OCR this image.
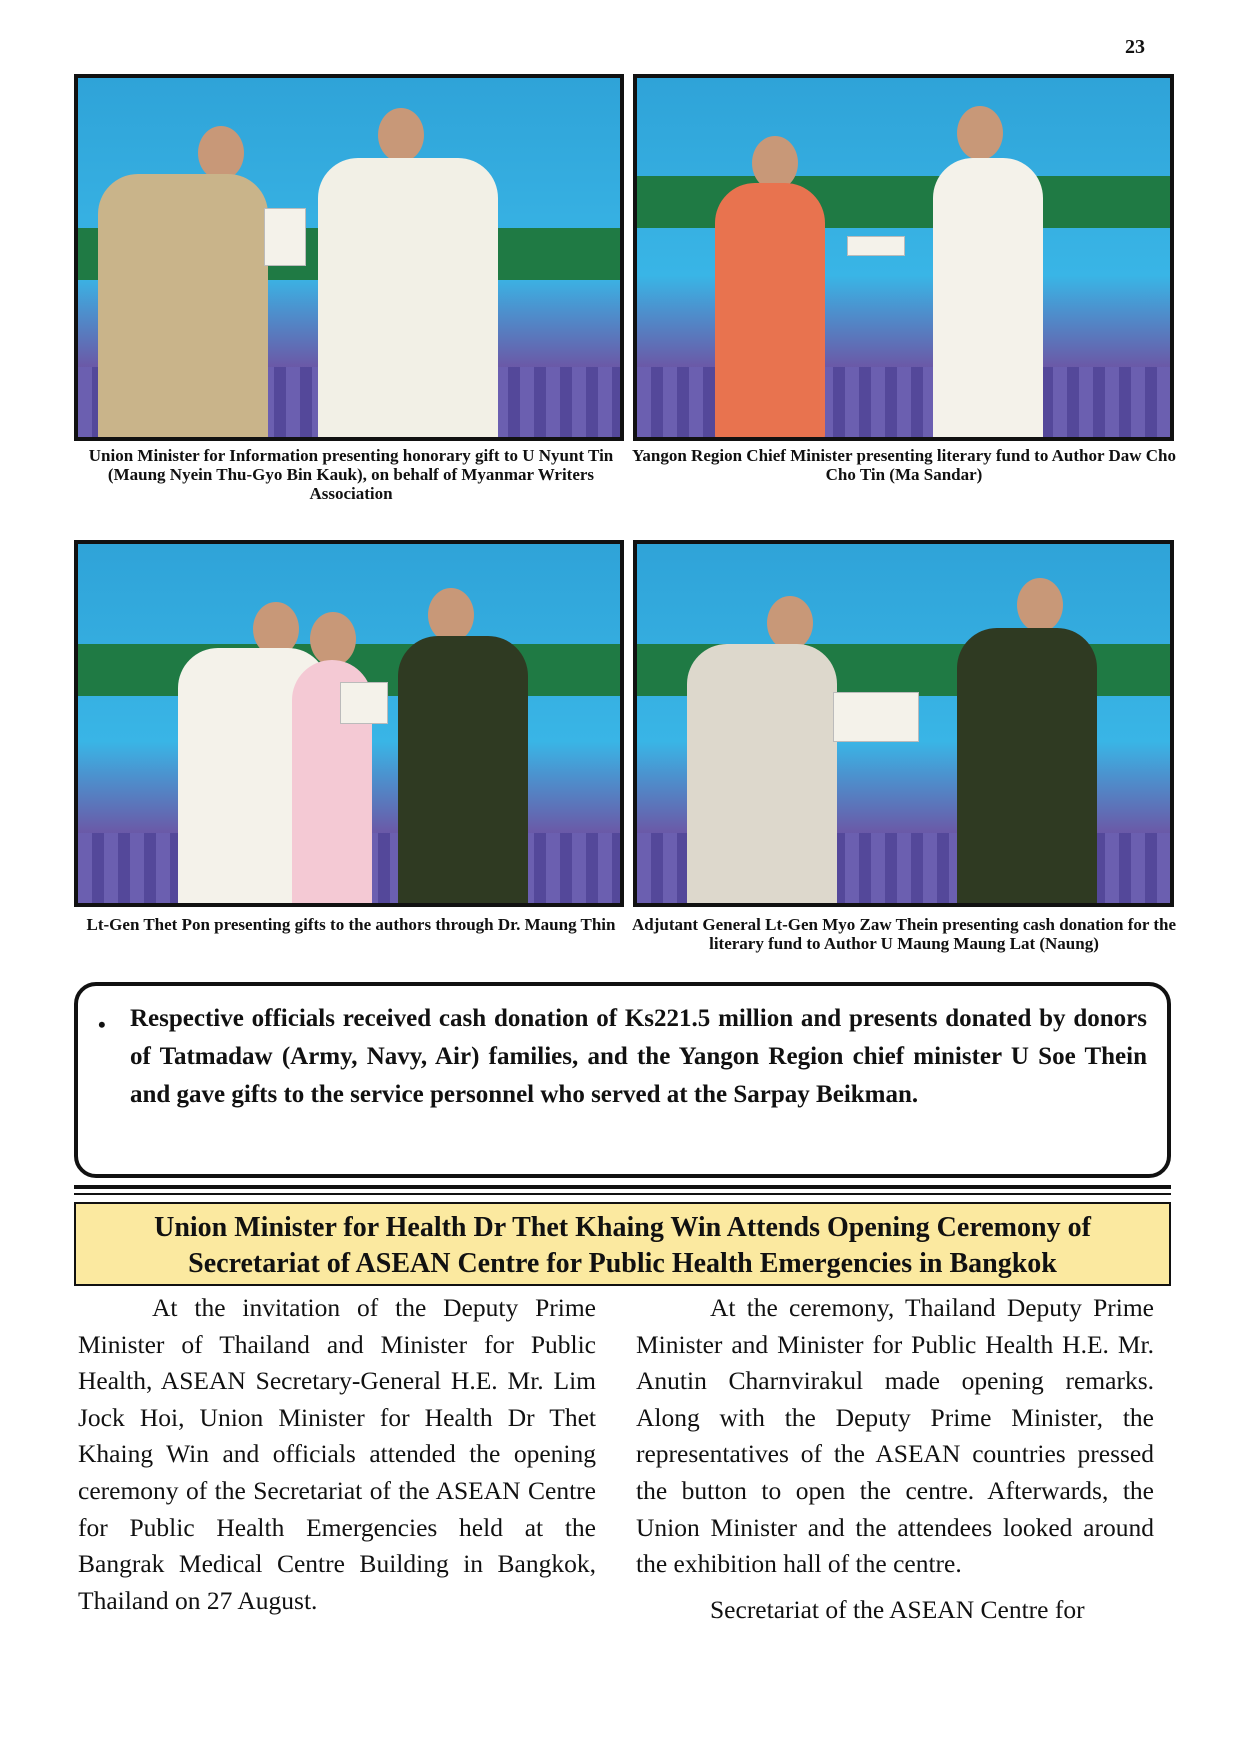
23
Union Minister for Information presenting honorary gift to U Nyunt Tin (Maung Nyein Thu-Gyo Bin Kauk), on behalf of Myanmar Writers Association
Yangon Region Chief Minister presenting literary fund to Author Daw Cho Cho Tin (Ma Sandar)
Lt-Gen Thet Pon presenting gifts to the authors through Dr. Maung Thin Adjutant General Lt-Gen Myo Zaw Thein presenting cash donation for the literary fund to Author U Maung Maung Lat (Naung)
• Respective officials received cash donation of Ks221.5 million and presents donated by donors of Tatmadaw (Army, Navy, Air) families, and the Yangon Region chief minister U Soe Thein and gave gifts to the service personnel who served at the Sarpay Beikman.
Union Minister for Health Dr Thet Khaing Win Attends Opening Ceremony of
Secretariat of ASEAN Centre for Public Health Emergencies in Bangkok

At the invitation of the Deputy Prime Minister of Thailand and Minister for Public Health, ASEAN Secretary-General H.E. Mr. Lim Jock Hoi, Union Minister for Health Dr Thet Khaing Win and officials attended the opening ceremony of the Secretariat of the ASEAN Centre for Public Health Emergencies held at the Bangrak Medical Centre Building in Bangkok, Thailand on 27 August.

At the ceremony, Thailand Deputy Prime Minister and Minister for Public Health H.E. Mr. Anutin Charnvirakul made opening remarks. Along with the Deputy Prime Minister, the representatives of the ASEAN countries pressed the button to open the centre. Afterwards, the Union Minister and the attendees looked around the exhibition hall of the centre.

Secretariat of the ASEAN Centre for
